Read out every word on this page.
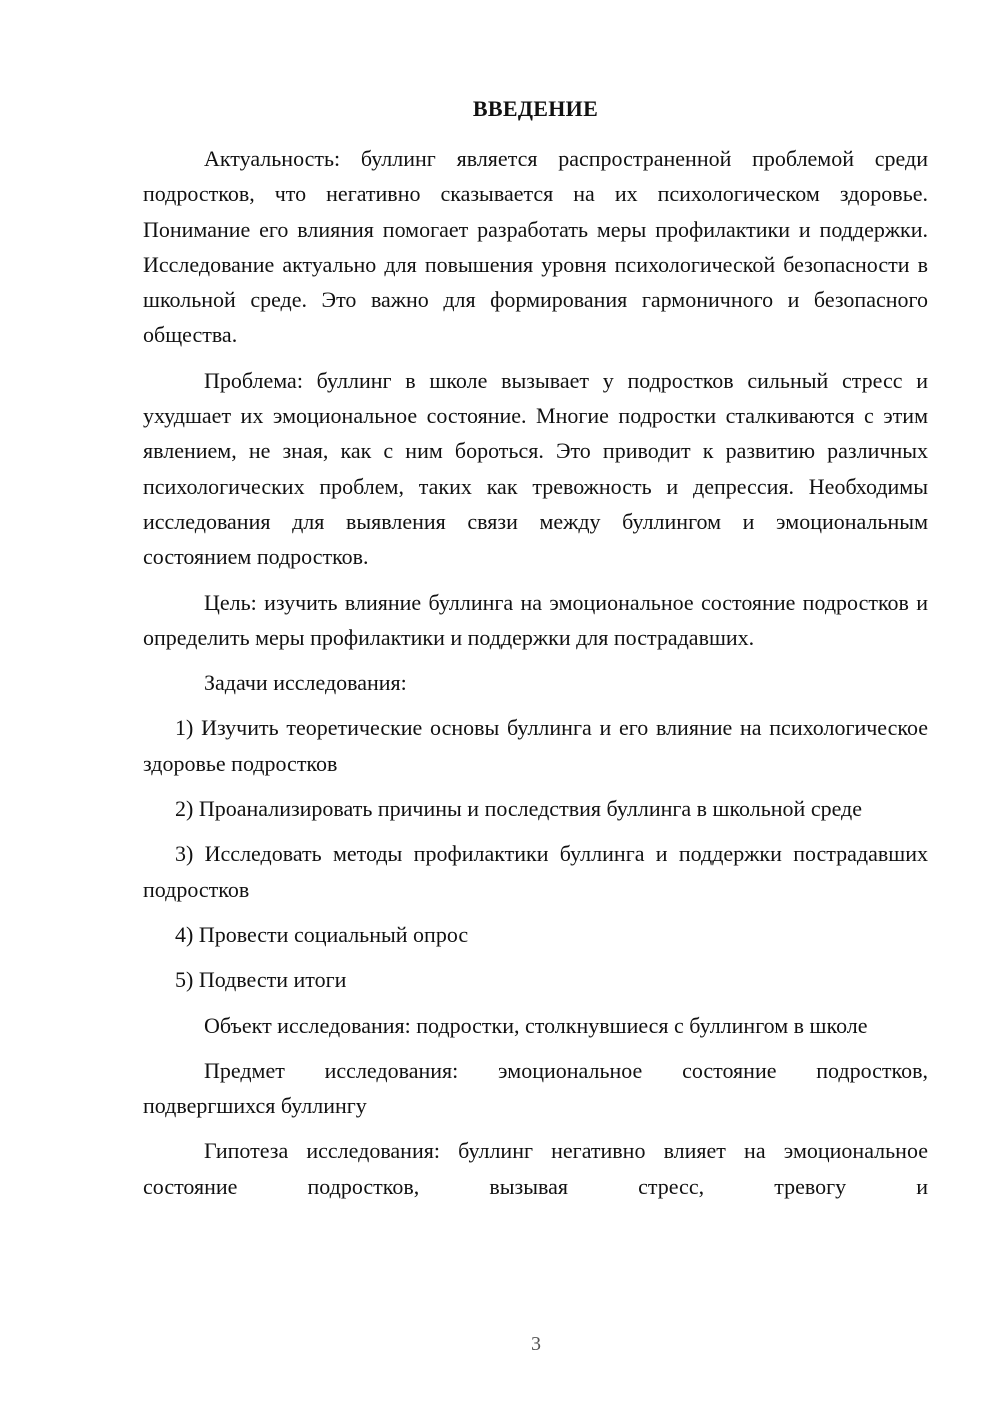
ВВЕДЕНИЕ

Актуальность: буллинг является распространенной проблемой среди подростков, что негативно сказывается на их психологическом здоровье. Понимание его влияния помогает разработать меры профилактики и поддержки. Исследование актуально для повышения уровня психологической безопасности в школьной среде. Это важно для формирования гармоничного и безопасного общества.

Проблема: буллинг в школе вызывает у подростков сильный стресс и ухудшает их эмоциональное состояние. Многие подростки сталкиваются с этим явлением, не зная, как с ним бороться. Это приводит к развитию различных психологических проблем, таких как тревожность и депрессия. Необходимы исследования для выявления связи между буллингом и эмоциональным состоянием подростков.

Цель: изучить влияние буллинга на эмоциональное состояние подростков и определить меры профилактики и поддержки для пострадавших.

Задачи исследования:

1) Изучить теоретические основы буллинга и его влияние на психологическое здоровье подростков

2) Проанализировать причины и последствия буллинга в школьной среде

3) Исследовать методы профилактики буллинга и поддержки пострадавших подростков

4) Провести социальный опрос

5) Подвести итоги

Объект исследования: подростки, столкнувшиеся с буллингом в школе

Предмет исследования: эмоциональное состояние подростков, подвергшихся буллингу

Гипотеза исследования: буллинг негативно влияет на эмоциональное состояние подростков, вызывая стресс, тревогу и

3
